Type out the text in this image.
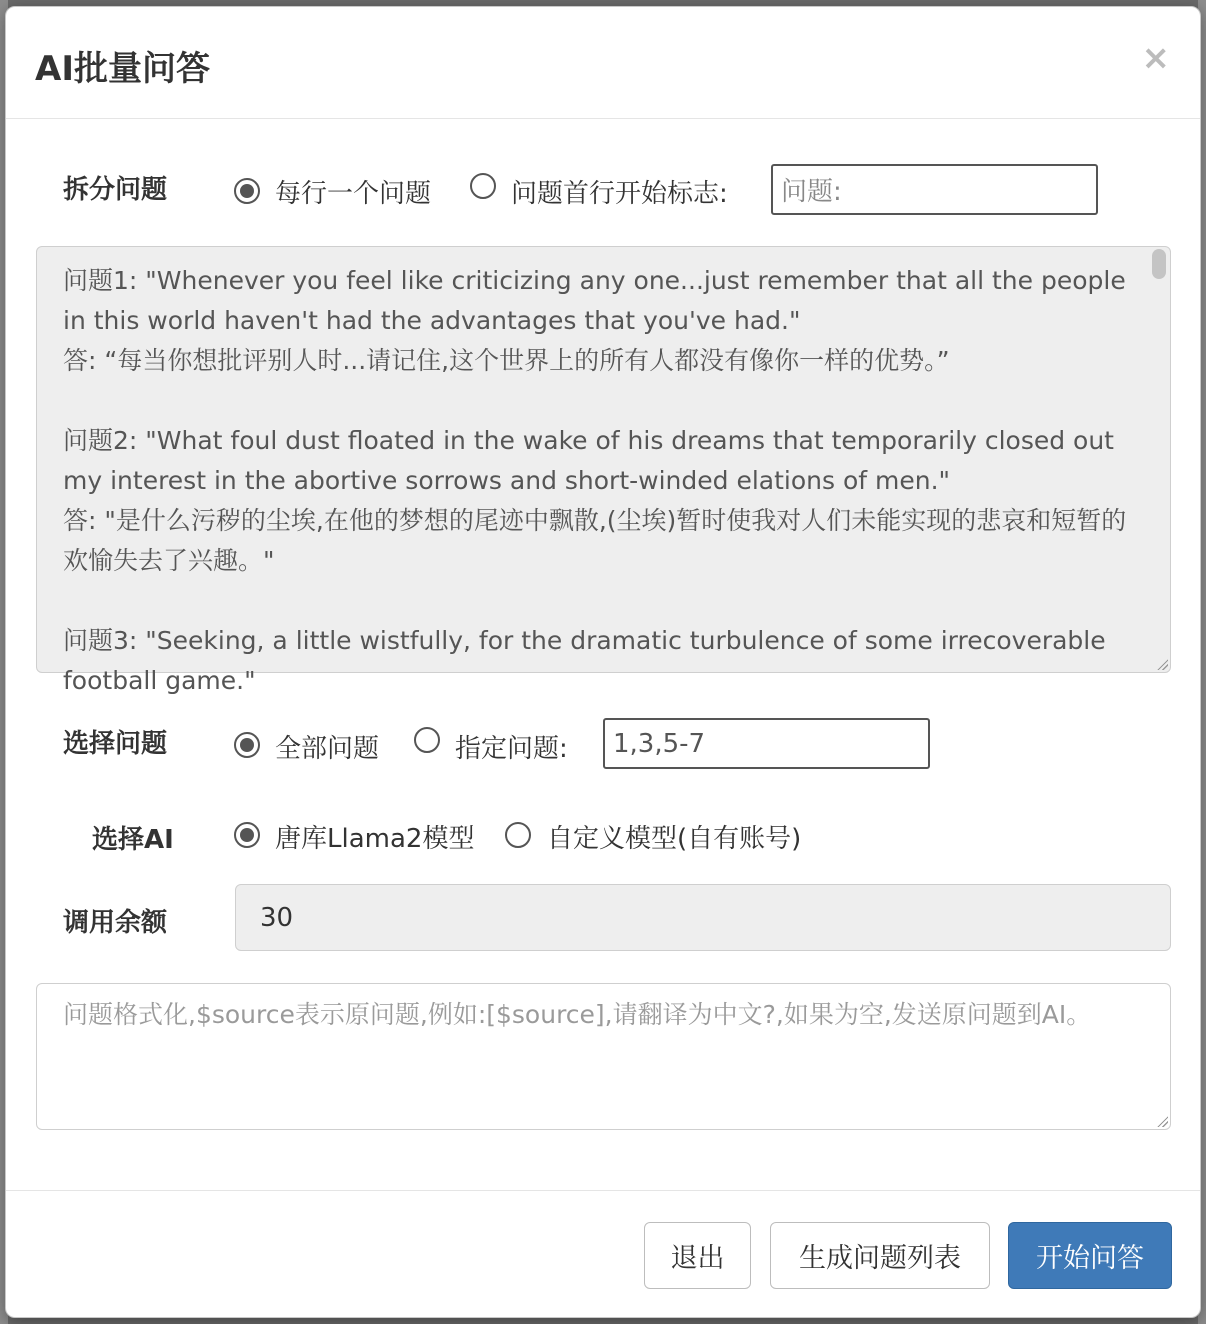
AI批量问答	×
拆分问题	每行一个问题	问题首行开始标志:	问题:
问题1: "Whenever you feel like criticizing any one...just remember that all the people in this world haven't had the advantages that you've had."
答: “每当你想批评别人时...请记住,这个世界上的所有人都没有像你一样的优势。”

问题2: "What foul dust floated in the wake of his dreams that temporarily closed out my interest in the abortive sorrows and short-winded elations of men."
答: "是什么污秽的尘埃,在他的梦想的尾迹中飘散,(尘埃)暂时使我对人们未能实现的悲哀和短暂的欢愉失去了兴趣。"

问题3: "Seeking, a little wistfully, for the dramatic turbulence of some irrecoverable football game."
选择问题	全部问题	指定问题:	1,3,5-7
选择AI	唐库Llama2模型	自定义模型(自有账号)
调用余额	30
问题格式化,$source表示原问题,例如:[$source],请翻译为中文?,如果为空,发送原问题到AI。
退出	生成问题列表	开始问答
